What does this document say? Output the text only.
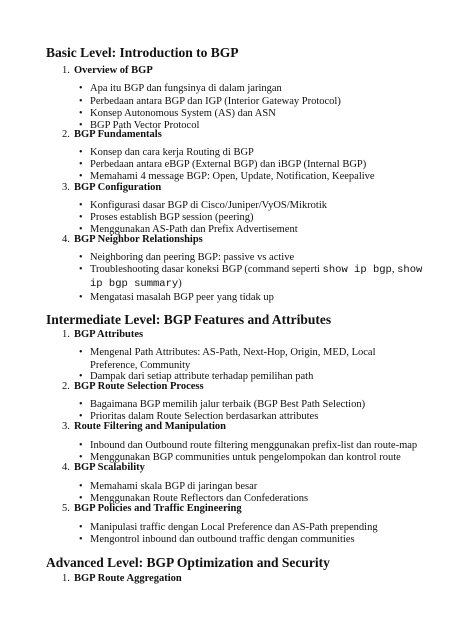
Basic Level: Introduction to BGP
1. Overview of BGP
• Apa itu BGP dan fungsinya di dalam jaringan
• Perbedaan antara BGP dan IGP (Interior Gateway Protocol)
• Konsep Autonomous System (AS) dan ASN
• BGP Path Vector Protocol
2. BGP Fundamentals
• Konsep dan cara kerja Routing di BGP
• Perbedaan antara eBGP (External BGP) dan iBGP (Internal BGP)
• Memahami 4 message BGP: Open, Update, Notification, Keepalive
3. BGP Configuration
• Konfigurasi dasar BGP di Cisco/Juniper/VyOS/Mikrotik
• Proses establish BGP session (peering)
• Menggunakan AS-Path dan Prefix Advertisement
4. BGP Neighbor Relationships
• Neighboring dan peering BGP: passive vs active
• Troubleshooting dasar koneksi BGP (command seperti show ip bgp, show ip bgp summary)
• Mengatasi masalah BGP peer yang tidak up
Intermediate Level: BGP Features and Attributes
1. BGP Attributes
• Mengenal Path Attributes: AS-Path, Next-Hop, Origin, MED, Local Preference, Community
• Dampak dari setiap attribute terhadap pemilihan path
2. BGP Route Selection Process
• Bagaimana BGP memilih jalur terbaik (BGP Best Path Selection)
• Prioritas dalam Route Selection berdasarkan attributes
3. Route Filtering and Manipulation
• Inbound dan Outbound route filtering menggunakan prefix-list dan route-map
• Menggunakan BGP communities untuk pengelompokan dan kontrol route
4. BGP Scalability
• Memahami skala BGP di jaringan besar
• Menggunakan Route Reflectors dan Confederations
5. BGP Policies and Traffic Engineering
• Manipulasi traffic dengan Local Preference dan AS-Path prepending
• Mengontrol inbound dan outbound traffic dengan communities
Advanced Level: BGP Optimization and Security
1. BGP Route Aggregation
